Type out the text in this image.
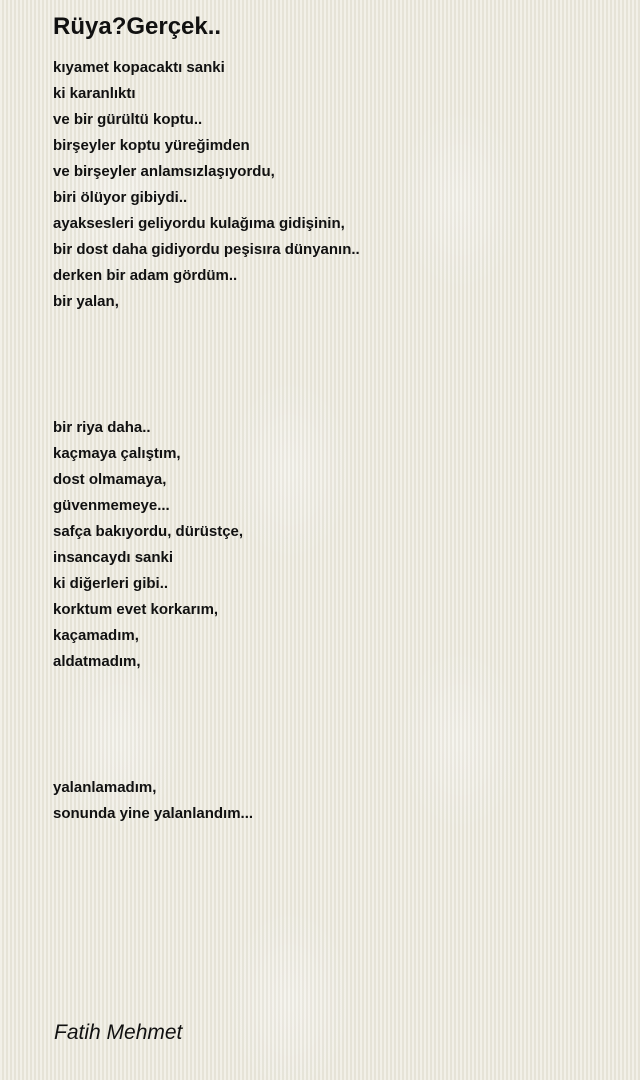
Rüya?Gerçek..
kıyamet kopacaktı sanki
ki karanlıktı
ve bir gürültü koptu..
birşeyler koptu yüreğimden
ve birşeyler anlamsızlaşıyordu,
biri ölüyor gibiydi..
ayaksesleri geliyordu kulağıma gidişinin,
bir dost daha gidiyordu peşisıra dünyanın..
derken bir adam gördüm..
bir yalan,
bir riya daha..
kaçmaya çalıştım,
dost olmamaya,
güvenmemeye...
safça bakıyordu, dürüstçe,
insancaydı sanki
ki diğerleri gibi..
korktum evet korkarım,
kaçamadım,
aldatmadım,
yalanlamadım,
sonunda yine yalanlandım...
Fatih Mehmet
